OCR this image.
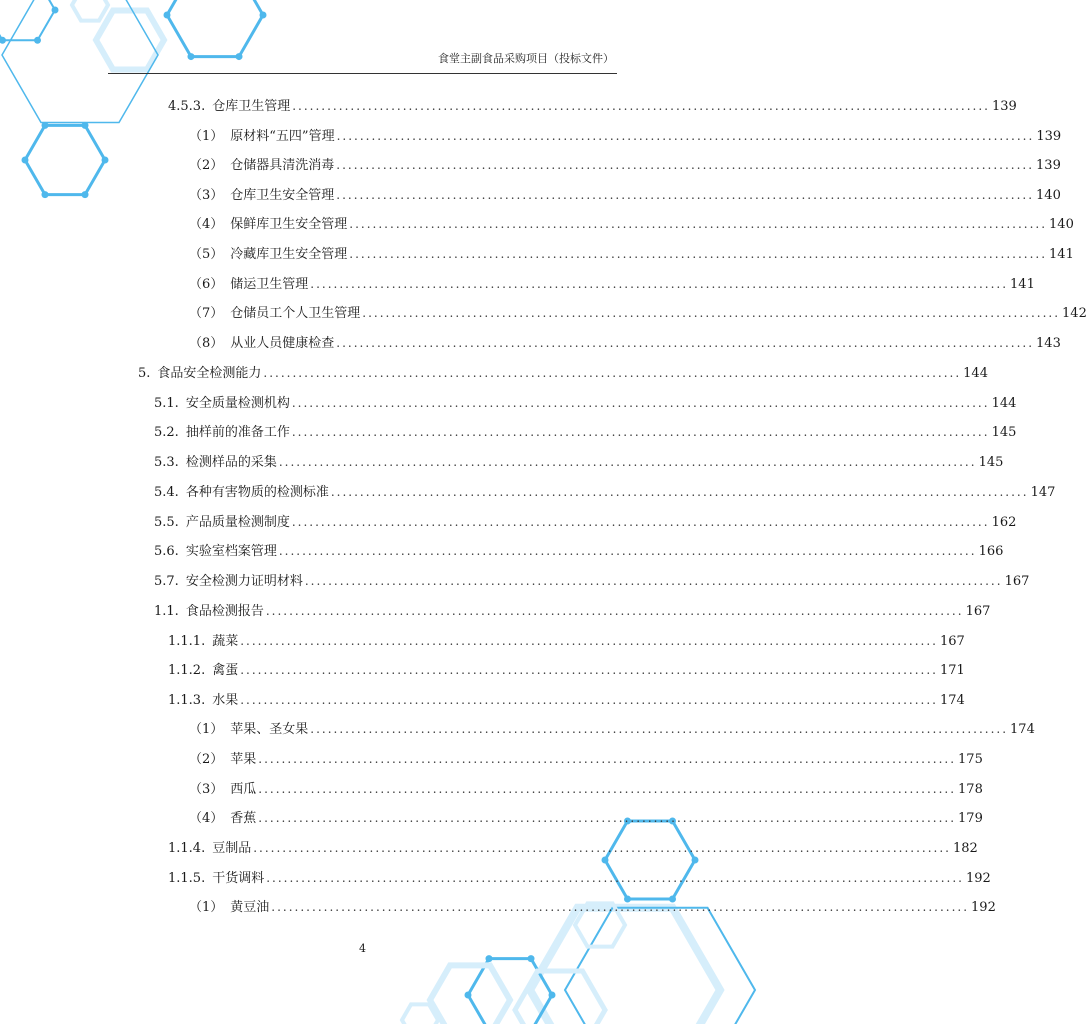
食堂主副食品采购项目（投标文件）
4.5.3. 仓库卫生管理 ........................................................................................................................ 139
（1） 原材料“五四”管理 ........................................................................................................................ 139
（2） 仓储器具清洗消毒 ........................................................................................................................ 139
（3） 仓库卫生安全管理 ........................................................................................................................ 140
（4） 保鲜库卫生安全管理 ........................................................................................................................ 140
（5） 冷藏库卫生安全管理 ........................................................................................................................ 141
（6） 储运卫生管理 ........................................................................................................................ 141
（7） 仓储员工个人卫生管理 ........................................................................................................................ 142
（8） 从业人员健康检查 ........................................................................................................................ 143
5. 食品安全检测能力 ........................................................................................................................ 144
5.1. 安全质量检测机构 ........................................................................................................................ 144
5.2. 抽样前的准备工作 ........................................................................................................................ 145
5.3. 检测样品的采集 ........................................................................................................................ 145
5.4. 各种有害物质的检测标准 ........................................................................................................................ 147
5.5. 产品质量检测制度 ........................................................................................................................ 162
5.6. 实验室档案管理 ........................................................................................................................ 166
5.7. 安全检测力证明材料 ........................................................................................................................ 167
1.1. 食品检测报告 ........................................................................................................................ 167
1.1.1. 蔬菜 ........................................................................................................................ 167
1.1.2. 禽蛋 ........................................................................................................................ 171
1.1.3. 水果 ........................................................................................................................ 174
（1） 苹果、圣女果 ........................................................................................................................ 174
（2） 苹果 ........................................................................................................................ 175
（3） 西瓜 ........................................................................................................................ 178
（4） 香蕉 ........................................................................................................................ 179
1.1.4. 豆制品 ........................................................................................................................ 182
1.1.5. 干货调料 ........................................................................................................................ 192
（1） 黄豆油 ........................................................................................................................ 192
4
